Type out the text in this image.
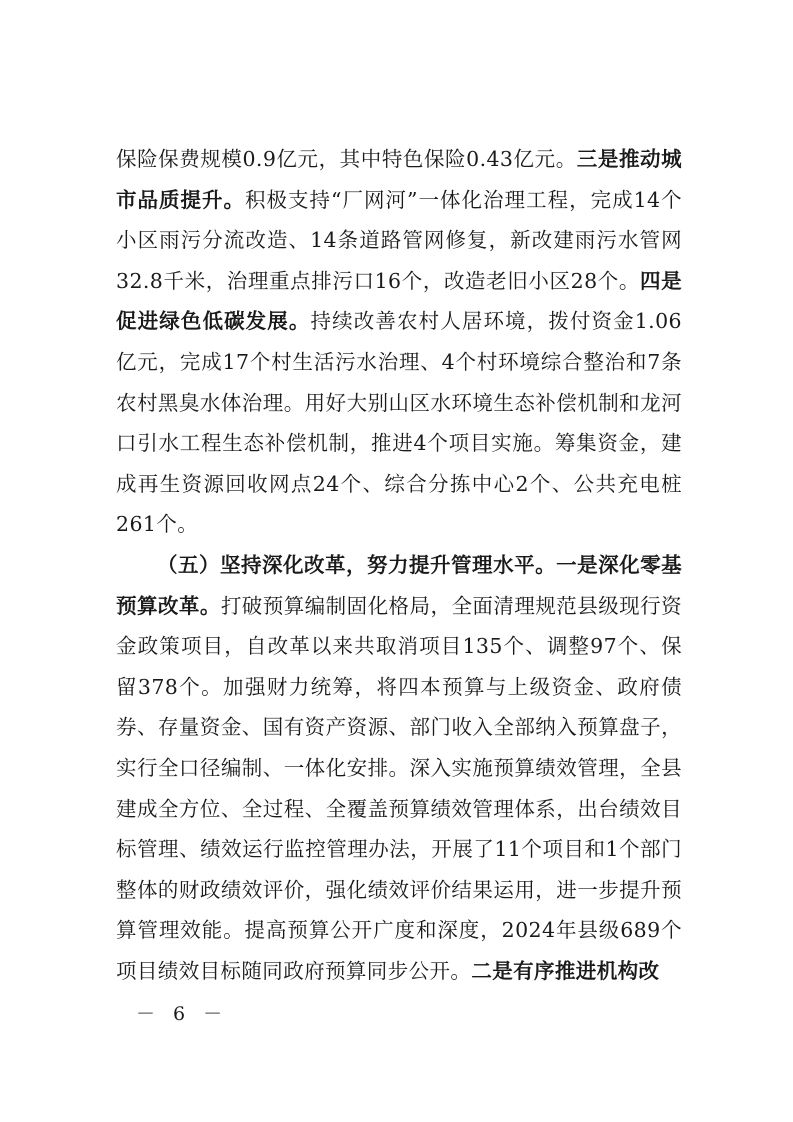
保险保费规模0.9亿元，其中特色保险0.43亿元。三是推动城市品质提升。积极支持“厂网河”一体化治理工程，完成14个小区雨污分流改造、14条道路管网修复，新改建雨污水管网32.8千米，治理重点排污口16个，改造老旧小区28个。四是促进绿色低碳发展。持续改善农村人居环境，拨付资金1.06亿元，完成17个村生活污水治理、4个村环境综合整治和7条农村黑臭水体治理。用好大别山区水环境生态补偿机制和龙河口引水工程生态补偿机制，推进4个项目实施。筹集资金，建成再生资源回收网点24个、综合分拣中心2个、公共充电桩261个。

（五）坚持深化改革，努力提升管理水平。一是深化零基预算改革。打破预算编制固化格局，全面清理规范县级现行资金政策项目，自改革以来共取消项目135个、调整97个、保留378个。加强财力统筹，将四本预算与上级资金、政府债券、存量资金、国有资产资源、部门收入全部纳入预算盘子，实行全口径编制、一体化安排。深入实施预算绩效管理，全县建成全方位、全过程、全覆盖预算绩效管理体系，出台绩效目标管理、绩效运行监控管理办法，开展了11个项目和1个部门整体的财政绩效评价，强化绩效评价结果运用，进一步提升预算管理效能。提高预算公开广度和深度，2024年县级689个项目绩效目标随同政府预算同步公开。二是有序推进机构改

－ 6 －
